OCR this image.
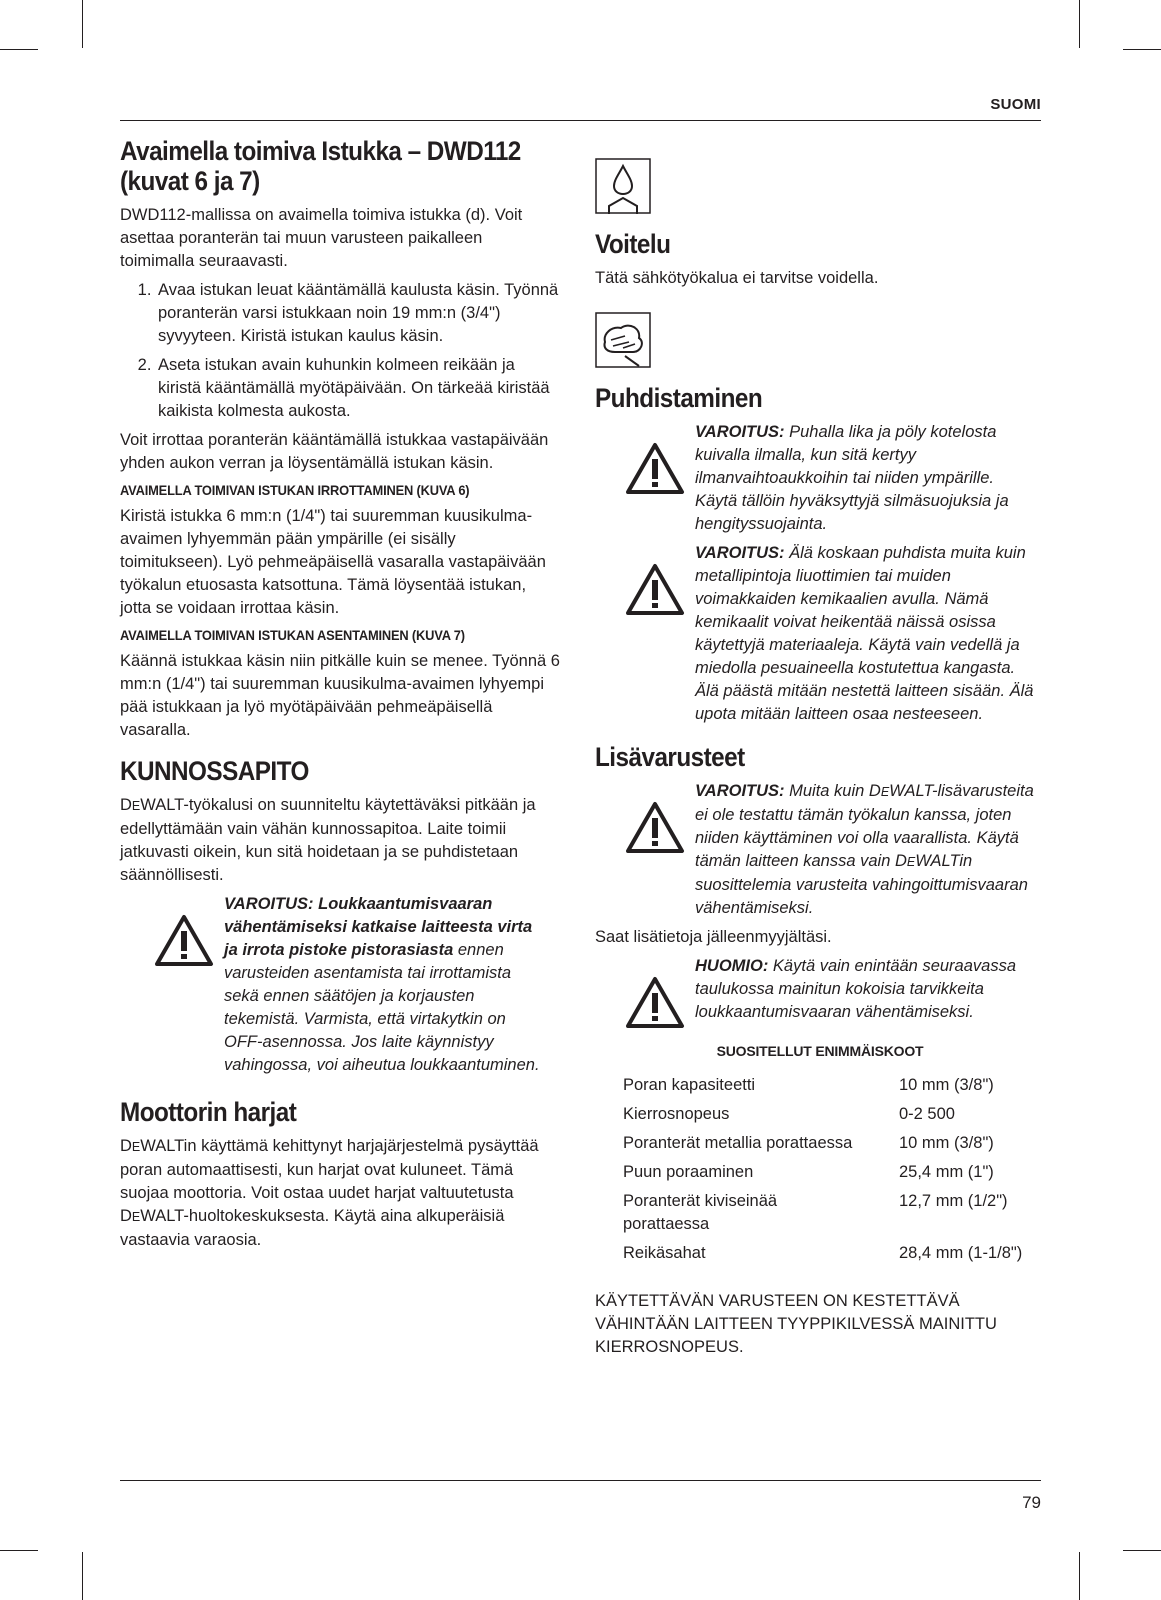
SUOMI
79
Avaimella toimiva Istukka – DWD112
(kuvat 6 ja 7)

DWD112-mallissa on avaimella toimiva istukka (d). Voit asettaa poranterän tai muun varusteen paikalleen toimimalla seuraavasti.

1. Avaa istukan leuat kääntämällä kaulusta käsin. Työnnä poranterän varsi istukkaan noin 19 mm:n (3/4") syvyyteen. Kiristä istukan kaulus käsin.
2. Aseta istukan avain kuhunkin kolmeen reikään ja kiristä kääntämällä myötäpäivään. On tärkeää kiristää kaikista kolmesta aukosta.

Voit irrottaa poranterän kääntämällä istukkaa vastapäivään yhden aukon verran ja löysentämällä istukan käsin.

AVAIMELLA TOIMIVAN ISTUKAN IRROTTAMINEN (KUVA 6)

Kiristä istukka 6 mm:n (1/4") tai suuremman kuusikulma-avaimen lyhyemmän pään ympärille (ei sisälly toimitukseen). Lyö pehmeäpäisellä vasaralla vastapäivään työkalun etuosasta katsottuna. Tämä löysentää istukan, jotta se voidaan irrottaa käsin.

AVAIMELLA TOIMIVAN ISTUKAN ASENTAMINEN (KUVA 7)

Käännä istukkaa käsin niin pitkälle kuin se menee. Työnnä 6 mm:n (1/4") tai suuremman kuusikulma-avaimen lyhyempi pää istukkaan ja lyö myötäpäivään pehmeäpäisellä vasaralla.

KUNNOSSAPITO

DEWALT-työkalusi on suunniteltu käytettäväksi pitkään ja edellyttämään vain vähän kunnossapitoa. Laite toimii jatkuvasti oikein, kun sitä hoidetaan ja se puhdistetaan säännöllisesti.

VAROITUS: Loukkaantumisvaaran vähentämiseksi katkaise laitteesta virta ja irrota pistoke pistorasiasta ennen varusteiden asentamista tai irrottamista sekä ennen säätöjen ja korjausten tekemistä. Varmista, että virtakytkin on OFF-asennossa. Jos laite käynnistyy vahingossa, voi aiheutua loukkaantuminen.
Moottorin harjat

DEWALTin käyttämä kehittynyt harjajärjestelmä pysäyttää poran automaattisesti, kun harjat ovat kuluneet. Tämä suojaa moottoria. Voit ostaa uudet harjat valtuutetusta DEWALT-huoltokeskuksesta. Käytä aina alkuperäisiä vastaavia varaosia.

Voitelu

Tätä sähkötyökalua ei tarvitse voidella.

Puhdistaminen
VAROITUS: Puhalla lika ja pöly kotelosta kuivalla ilmalla, kun sitä kertyy ilmanvaihtoaukkoihin tai niiden ympärille. Käytä tällöin hyväksyttyjä silmäsuojuksia ja hengityssuojainta.
VAROITUS: Älä koskaan puhdista muita kuin metallipintoja liuottimien tai muiden voimakkaiden kemikaalien avulla. Nämä kemikaalit voivat heikentää näissä osissa käytettyjä materiaaleja. Käytä vain vedellä ja miedolla pesuaineella kostutettua kangasta. Älä päästä mitään nestettä laitteen sisään. Älä upota mitään laitteen osaa nesteeseen.
Lisävarusteet
VAROITUS: Muita kuin DEWALT-lisävarusteita ei ole testattu tämän työkalun kanssa, joten niiden käyttäminen voi olla vaarallista. Käytä tämän laitteen kanssa vain DEWALTin suosittelemia varusteita vahingoittumisvaaran vähentämiseksi.

Saat lisätietoja jälleenmyyjältäsi.

HUOMIO: Käytä vain enintään seuraavassa taulukossa mainitun kokoisia tarvikkeita loukkaantumisvaaran vähentämiseksi.
SUOSITELLUT ENIMMÄISKOOT
Poran kapasiteetti	10 mm (3/8")
Kierrosnopeus	0-2 500
Poranterät metallia porattaessa	10 mm (3/8")
Puun poraaminen	25,4 mm (1")
Poranterät kiviseinää porattaessa	12,7 mm (1/2")
Reikäsahat	28,4 mm (1-1/8")

KÄYTETTÄVÄN VARUSTEEN ON KESTETTÄVÄ VÄHINTÄÄN LAITTEEN TYYPPIKILVESSÄ MAINITTU KIERROSNOPEUS.
